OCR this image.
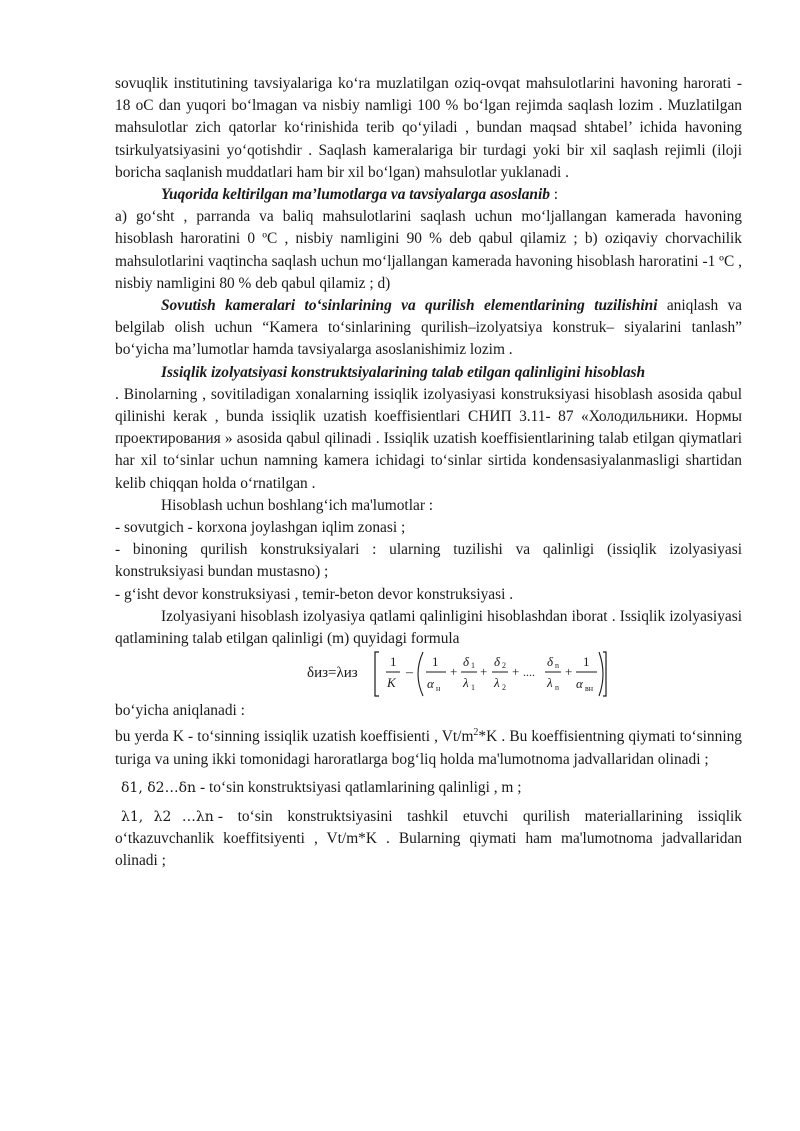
sovuqlik institutining tavsiyalariga ko‘ra muzlatilgan oziq-ovqat mahsulotlarini havoning harorati - 18 oC dan yuqori bo‘lmagan va nisbiy namligi 100 % bo‘lgan rejimda saqlash lozim . Muzlatilgan mahsulotlar zich qatorlar ko‘rinishida terib qo‘yiladi , bundan maqsad shtabel’ ichida havoning tsirkulyatsiyasini yo‘qotishdir . Saqlash kameralariga bir turdagi yoki bir xil saqlash rejimli (iloji boricha saqlanish muddatlari ham bir xil bo‘lgan) mahsulotlar yuklanadi .

Yuqorida keltirilgan ma’lumotlarga va tavsiyalarga asoslanib :

a) go‘sht , parranda va baliq mahsulotlarini saqlash uchun mo‘ljallangan kamerada havoning hisoblash haroratini 0 ºC , nisbiy namligini 90 % deb qabul qilamiz ; b) oziqaviy chorvachilik mahsulotlarini vaqtincha saqlash uchun mo‘ljallangan kamerada havoning hisoblash haroratini -1 ºC , nisbiy namligini 80 % deb qabul qilamiz ; d)

Sovutish kameralari to‘sinlarining va qurilish elementlarining tuzilishini aniqlash va belgilab olish uchun “Kamera to‘sinlarining qurilish–izolyatsiya konstruk– siyalarini tanlash” bo‘yicha ma’lumotlar hamda tavsiyalarga asoslanishimiz lozim .

Issiqlik izolyatsiyasi konstruktsiyalarining talab etilgan qalinligini hisoblash

. Binolarning , sovitiladigan xonalarning issiqlik izolyasiyasi konstruksiyasi hisoblash asosida qabul qilinishi kerak , bunda issiqlik uzatish koeffisientlari СНИП 3.11- 87 «Холодильники. Нормы проектирования » asosida qabul qilinadi . Issiqlik uzatish koeffisientlarining talab etilgan qiymatlari har xil to‘sinlar uchun namning kamera ichidagi to‘sinlar sirtida kondensasiyalanmasligi shartidan kelib chiqqan holda o‘rnatilgan .

Hisoblash uchun boshlang‘ich ma'lumotlar :

- sovutgich - korxona joylashgan iqlim zonasi ;

- binoning qurilish konstruksiyalari : ularning tuzilishi va qalinligi (issiqlik izolyasiyasi konstruksiyasi bundan mustasno) ;

- g‘isht devor konstruksiyasi , temir-beton devor konstruksiyasi .

Izolyasiyani hisoblash izolyasiya qatlami qalinligini hisoblashdan iborat . Issiqlik izolyasiyasi qatlamining talab etilgan qalinligi (m) quyidagi formula

δиз=λиз
1
K
–
1
α н
+
δ 1
λ 1
+
δ 2
λ 2
+ ....
δ n
λ n
+
1
α вн

bo‘yicha aniqlanadi :

bu yerda K - to‘sinning issiqlik uzatish koeffisienti , $Vt/m^2*K$ . Bu koeffisientning qiymati to‘sinning turiga va uning ikki tomonidagi haroratlarga bog‘liq holda ma'lumotnoma jadvallaridan olinadi ;

δ1, δ2…δn - to‘sin konstruktsiyasi qatlamlarining qalinligi , m ;

λ1, λ2 …λn - to‘sin konstruktsiyasini tashkil etuvchi qurilish materiallarining issiqlik o‘tkazuvchanlik koeffitsiyenti , Vt/m*K . Bularning qiymati ham ma'lumotnoma jadvallaridan olinadi ;
